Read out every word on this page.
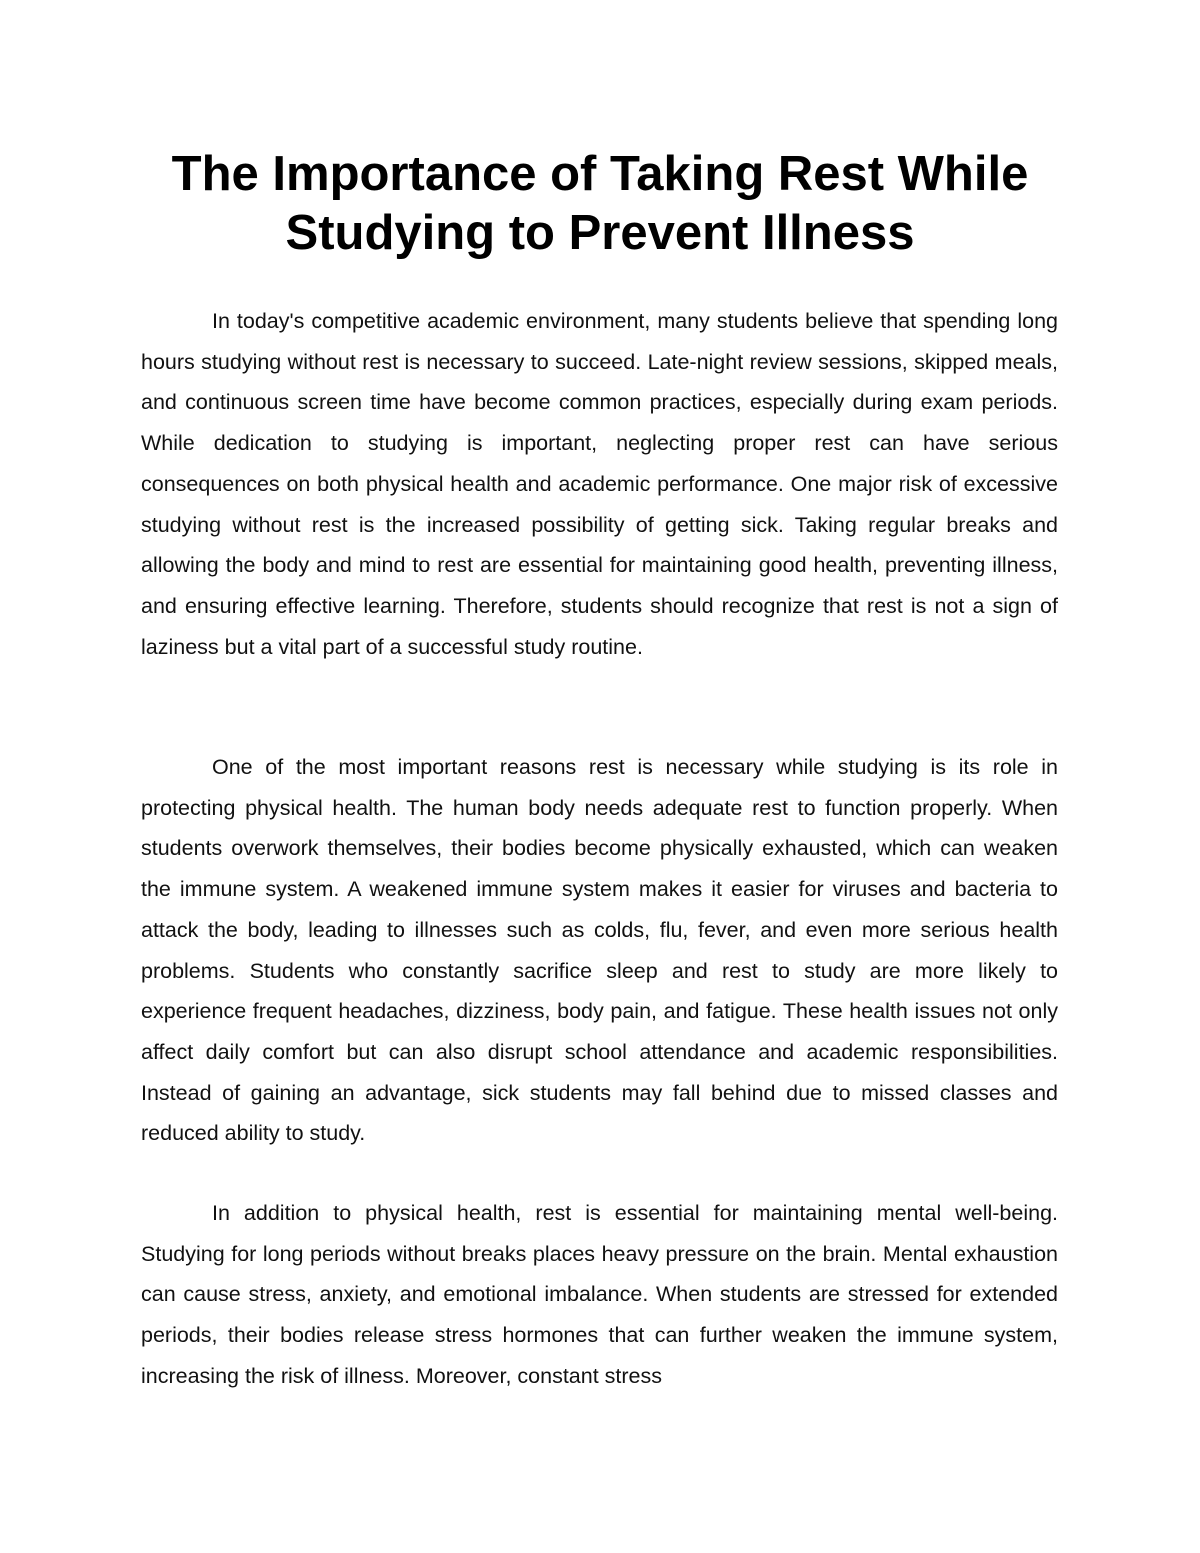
The Importance of Taking Rest While
Studying to Prevent Illness

In today's competitive academic environment, many students believe that spending long hours studying without rest is necessary to succeed. Late-night review sessions, skipped meals, and continuous screen time have become common practices, especially during exam periods. While dedication to studying is important, neglecting proper rest can have serious consequences on both physical health and academic performance. One major risk of excessive studying without rest is the increased possibility of getting sick. Taking regular breaks and allowing the body and mind to rest are essential for maintaining good health, preventing illness, and ensuring effective learning. Therefore, students should recognize that rest is not a sign of laziness but a vital part of a successful study routine.

One of the most important reasons rest is necessary while studying is its role in protecting physical health. The human body needs adequate rest to function properly. When students overwork themselves, their bodies become physically exhausted, which can weaken the immune system. A weakened immune system makes it easier for viruses and bacteria to attack the body, leading to illnesses such as colds, flu, fever, and even more serious health problems. Students who constantly sacrifice sleep and rest to study are more likely to experience frequent headaches, dizziness, body pain, and fatigue. These health issues not only affect daily comfort but can also disrupt school attendance and academic responsibilities. Instead of gaining an advantage, sick students may fall behind due to missed classes and reduced ability to study.

In addition to physical health, rest is essential for maintaining mental well-being. Studying for long periods without breaks places heavy pressure on the brain. Mental exhaustion can cause stress, anxiety, and emotional imbalance. When students are stressed for extended periods, their bodies release stress hormones that can further weaken the immune system, increasing the risk of illness. Moreover, constant stress
